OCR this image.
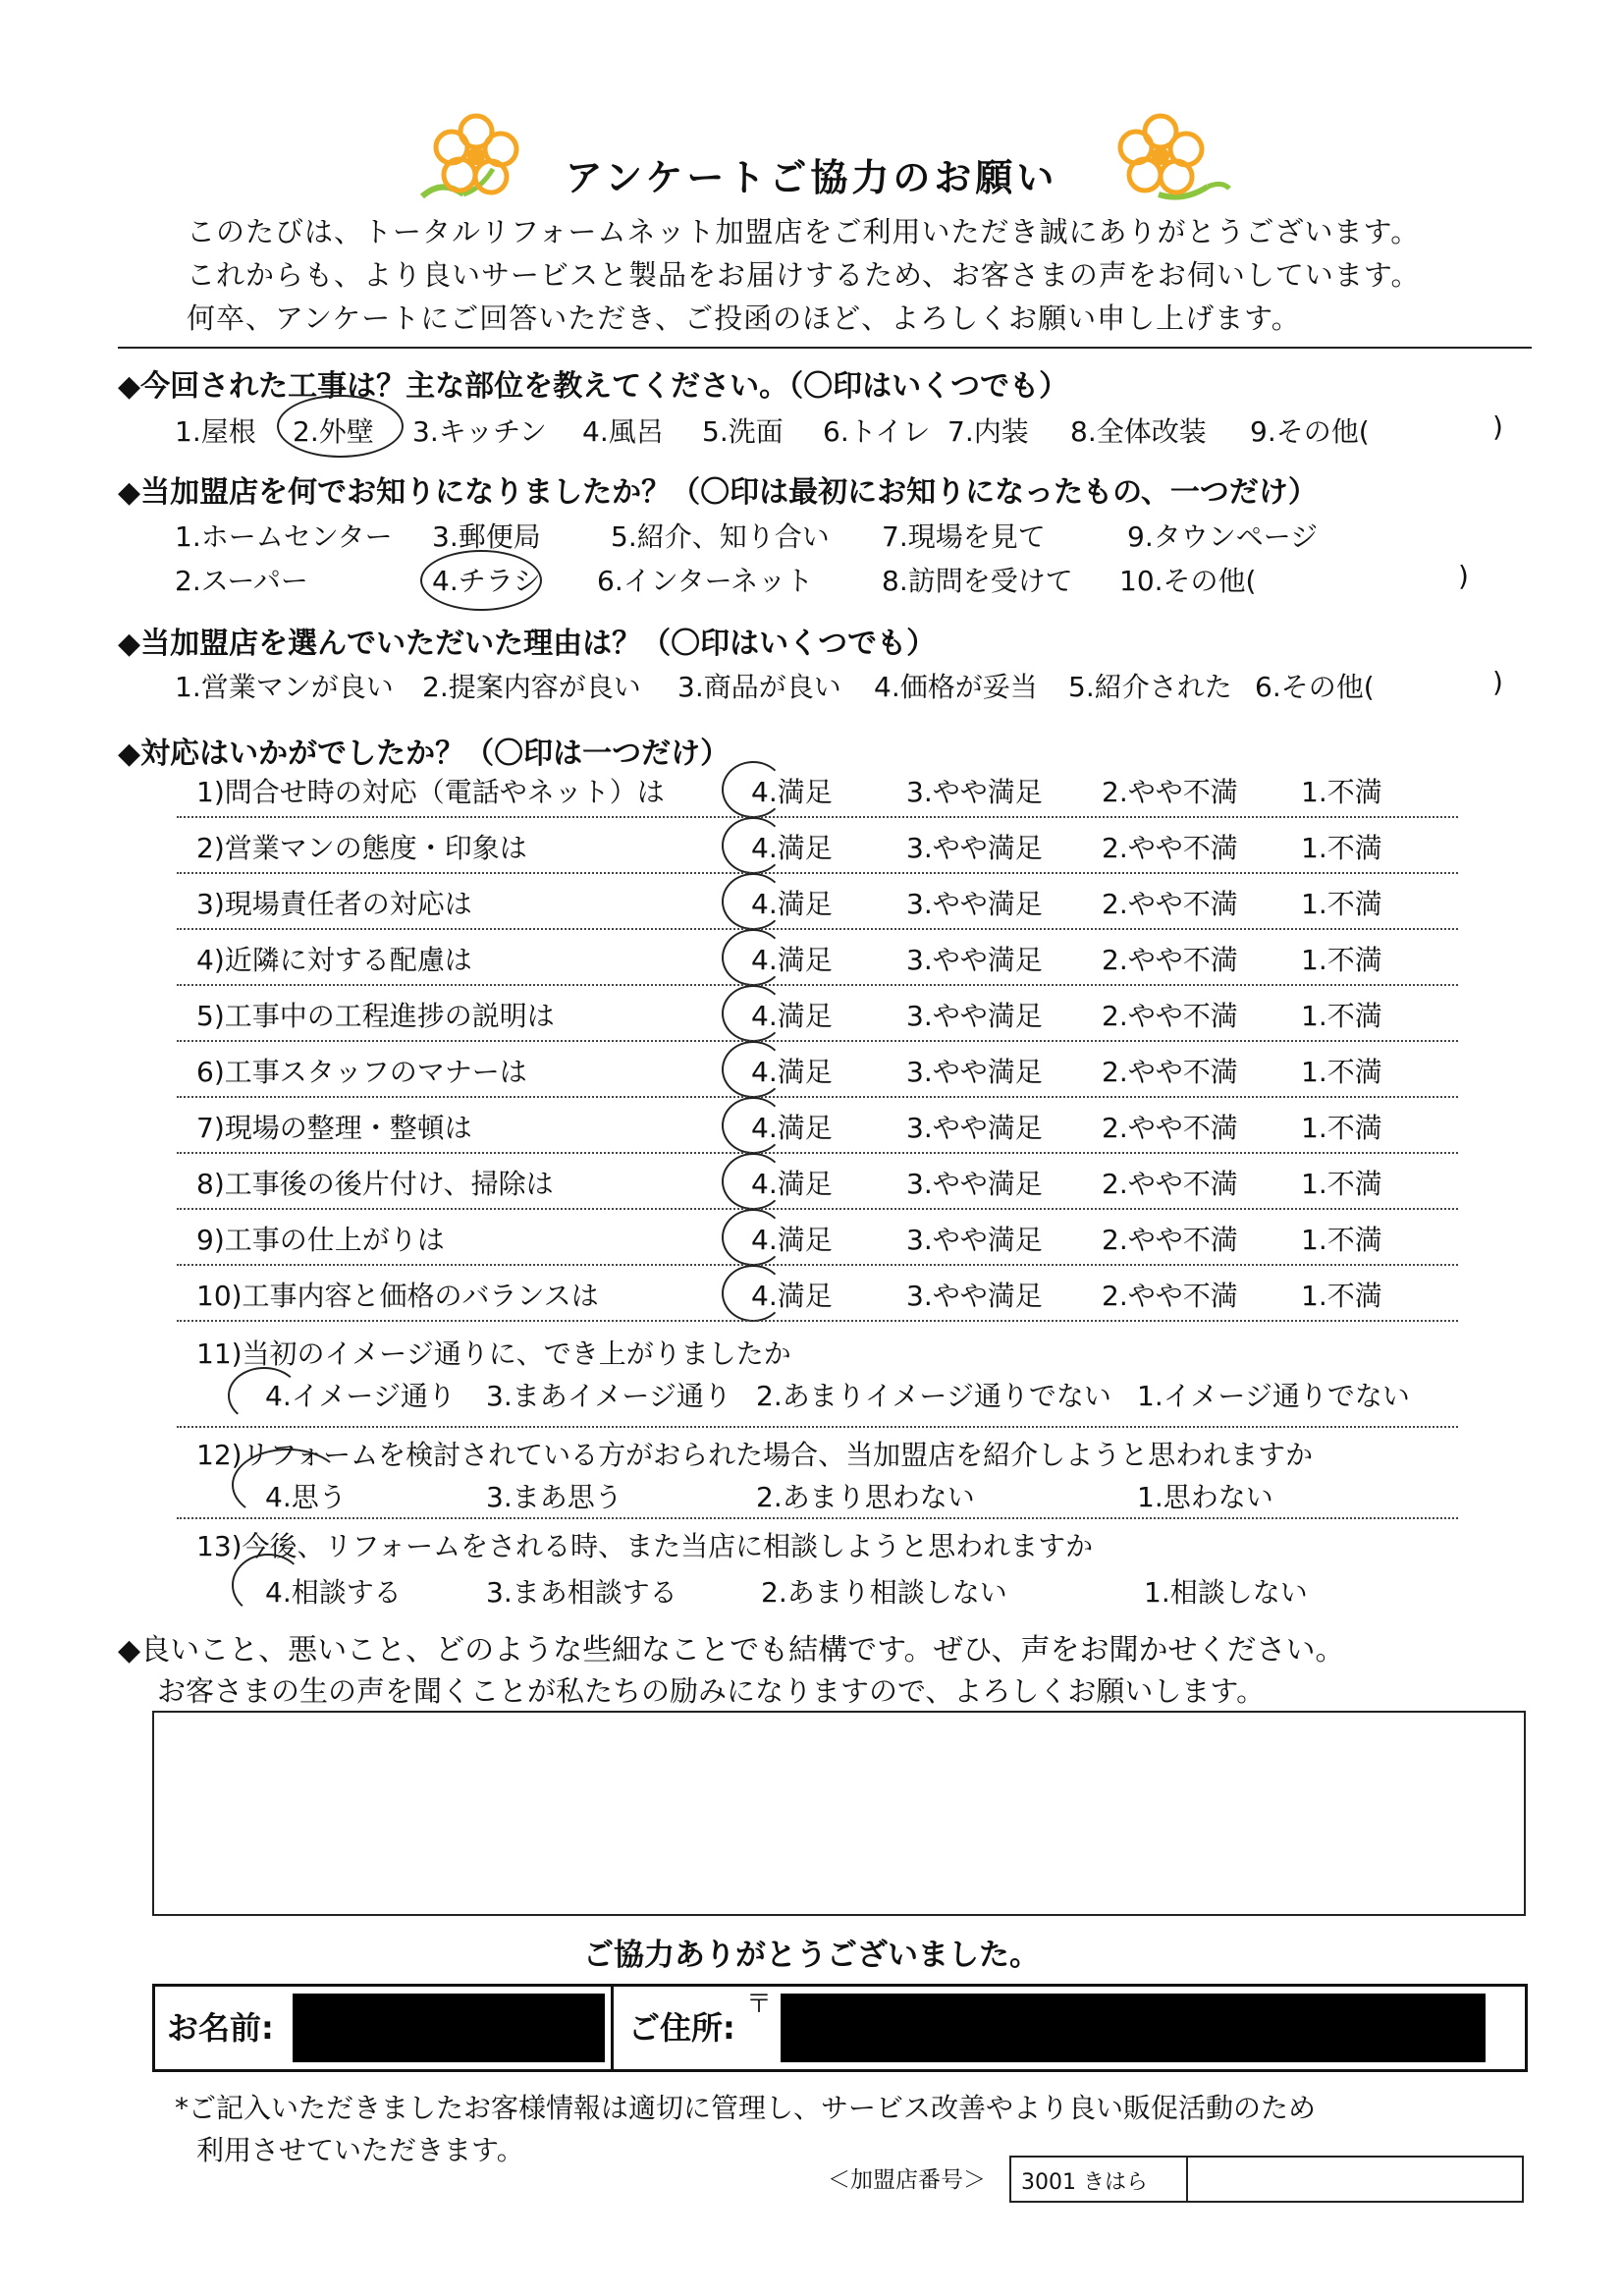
アンケートご協力のお願い
このたびは、トータルリフォームネット加盟店をご利用いただき誠にありがとうございます。
これからも、より良いサービスと製品をお届けするため、お客さまの声をお伺いしています。
何卒、アンケートにご回答いただき、ご投函のほど、よろしくお願い申し上げます。
◆今回された工事は？主な部位を教えてください。（〇印はいくつでも）
1.屋根 2.外壁 3.キッチン 4.風呂 5.洗面 6.トイレ 7.内装 8.全体改装 9.その他(	)
◆当加盟店を何でお知りになりましたか？（〇印は最初にお知りになったもの、一つだけ）
1.ホームセンター 3.郵便局	5.紹介、知り合い 7.現場を見て	9.タウンページ
2.スーパー	4.チラシ 6.インターネット 8.訪問を受けて 10.その他(	)
◆当加盟店を選んでいただいた理由は？（〇印はいくつでも）
1.営業マンが良い 2.提案内容が良い 3.商品が良い 4.価格が妥当 5.紹介された 6.その他(	)
◆対応はいかがでしたか？（〇印は一つだけ）
1)問合せ時の対応（電話やネット）は	4.満足	3.やや満足 2.やや不満 1.不満
2)営業マンの態度・印象は	4.満足	3.やや満足 2.やや不満 1.不満
3)現場責任者の対応は	4.満足	3.やや満足 2.やや不満 1.不満
4)近隣に対する配慮は	4.満足	3.やや満足 2.やや不満 1.不満
5)工事中の工程進捗の説明は	4.満足	3.やや満足 2.やや不満 1.不満
6)工事スタッフのマナーは	4.満足	3.やや満足 2.やや不満 1.不満
7)現場の整理・整頓は	4.満足	3.やや満足 2.やや不満 1.不満
8)工事後の後片付け、掃除は	4.満足	3.やや満足 2.やや不満 1.不満
9)工事の仕上がりは	4.満足	3.やや満足 2.やや不満 1.不満
10)工事内容と価格のバランスは	4.満足	3.やや満足 2.やや不満 1.不満
11)当初のイメージ通りに、でき上がりましたか
4.イメージ通り 3.まあイメージ通り 2.あまりイメージ通りでない 1.イメージ通りでない
12)リフォームを検討されている方がおられた場合、当加盟店を紹介しようと思われますか
4.思う	3.まあ思う	2.あまり思わない	1.思わない
13)今後、リフォームをされる時、また当店に相談しようと思われますか
4.相談する	3.まあ相談する	2.あまり相談しない	1.相談しない
◆良いこと、悪いこと、どのような些細なことでも結構です。ぜひ、声をお聞かせください。
お客さまの生の声を聞くことが私たちの励みになりますので、よろしくお願いします。
ご協力ありがとうございました。
お名前:	ご住所:
〒
*ご記入いただきましたお客様情報は適切に管理し、サービス改善やより良い販促活動のため
利用させていただきます。
＜加盟店番号＞ 3001 きはら
